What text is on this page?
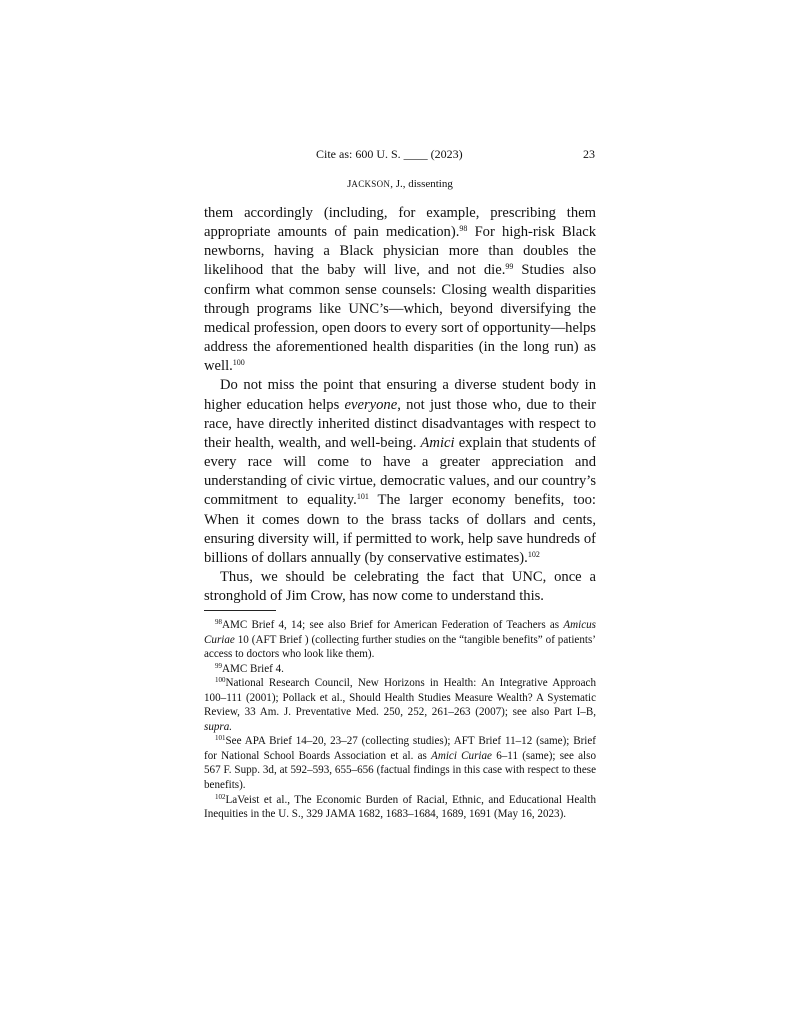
Cite as: 600 U. S. ____ (2023)	23
JACKSON, J., dissenting

them accordingly (including, for example, prescribing them appropriate amounts of pain medication).$^{98}$ For high-risk Black newborns, having a Black physician more than doubles the likelihood that the baby will live, and not die.$^{99}$ Studies also confirm what common sense counsels: Closing wealth disparities through programs like UNC’s—which, beyond diversifying the medical profession, open doors to every sort of opportunity—helps address the aforementioned health disparities (in the long run) as well.$^{100}$

Do not miss the point that ensuring a diverse student body in higher education helps everyone, not just those who, due to their race, have directly inherited distinct disadvantages with respect to their health, wealth, and well-being. Amici explain that students of every race will come to have a greater appreciation and understanding of civic virtue, democratic values, and our country’s commitment to equality.$^{101}$ The larger economy benefits, too: When it comes down to the brass tacks of dollars and cents, ensuring diversity will, if permitted to work, help save hundreds of billions of dollars annually (by conservative estimates).$^{102}$

Thus, we should be celebrating the fact that UNC, once a stronghold of Jim Crow, has now come to understand this.

$^{98}$AMC Brief 4, 14; see also Brief for American Federation of Teachers as Amicus Curiae 10 (AFT Brief ) (collecting further studies on the “tangible benefits” of patients’ access to doctors who look like them).

$^{99}$AMC Brief 4.

$^{100}$National Research Council, New Horizons in Health: An Integrative Approach 100–111 (2001); Pollack et al., Should Health Studies Measure Wealth? A Systematic Review, 33 Am. J. Preventative Med. 250, 252, 261–263 (2007); see also Part I–B, supra.

$^{101}$See APA Brief 14–20, 23–27 (collecting studies); AFT Brief 11–12 (same); Brief for National School Boards Association et al. as Amici Curiae 6–11 (same); see also 567 F. Supp. 3d, at 592–593, 655–656 (factual findings in this case with respect to these benefits).

$^{102}$LaVeist et al., The Economic Burden of Racial, Ethnic, and Educational Health Inequities in the U. S., 329 JAMA 1682, 1683–1684, 1689, 1691 (May 16, 2023).
